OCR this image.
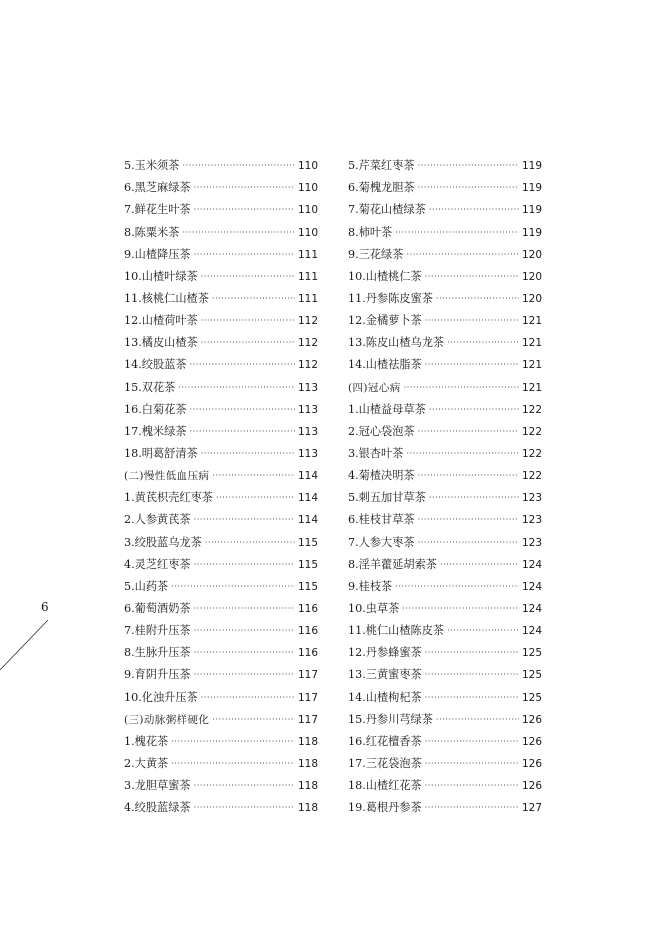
6
5.玉米须茶 ·····	110
6.黑芝麻绿茶 ·····	110
7.鲜花生叶茶 ·····	110
8.陈粟米茶 ·····	110
9.山楂降压茶 ·····	111
10.山楂叶绿茶 ·····	111
11.核桃仁山楂茶 ·····	111
12.山楂荷叶茶 ·····	112
13.橘皮山楂茶 ·····	112
14.绞股蓝茶 ·····	112
15.双花茶 ·····	113
16.白菊花茶 ·····	113
17.槐米绿茶 ·····	113
18.明葛舒清茶 ·····	113
(二)慢性低血压病 ·····	114
1.黄芪枳壳红枣茶 ·····	114
2.人参黄芪茶 ·····	114
3.绞股蓝乌龙茶 ·····	115
4.灵芝红枣茶 ·····	115
5.山药茶 ·····	115
6.葡萄酒奶茶 ·····	116
7.桂附升压茶 ·····	116
8.生脉升压茶 ·····	116
9.育阴升压茶 ·····	117
10.化浊升压茶 ·····	117
(三)动脉粥样硬化 ·····	117
1.槐花茶 ·····	118
2.大黄茶 ·····	118
3.龙胆草蜜茶 ·····	118
4.绞股蓝绿茶 ·····	118
5.芹菜红枣茶 ·····	119
6.菊槐龙胆茶 ·····	119
7.菊花山楂绿茶 ·····	119
8.柿叶茶 ·····	119
9.三花绿茶 ·····	120
10.山楂桃仁茶 ·····	120
11.丹参陈皮蜜茶 ·····	120
12.金橘萝卜茶 ·····	121
13.陈皮山楂乌龙茶 ·····	121
14.山楂祛脂茶 ·····	121
(四)冠心病 ·····	121
1.山楂益母草茶 ·····	122
2.冠心袋泡茶 ·····	122
3.银杏叶茶 ·····	122
4.菊楂决明茶 ·····	122
5.刺五加甘草茶 ·····	123
6.桂枝甘草茶 ·····	123
7.人参大枣茶 ·····	123
8.淫羊藿延胡索茶 ·····	124
9.桂枝茶 ·····	124
10.虫草茶 ·····	124
11.桃仁山楂陈皮茶 ·····	124
12.丹参蜂蜜茶 ·····	125
13.三黄蜜枣茶 ·····	125
14.山楂枸杞茶 ·····	125
15.丹参川芎绿茶 ·····	126
16.红花檀香茶 ·····	126
17.三花袋泡茶 ·····	126
18.山楂红花茶 ·····	126
19.葛根丹参茶 ·····	127
